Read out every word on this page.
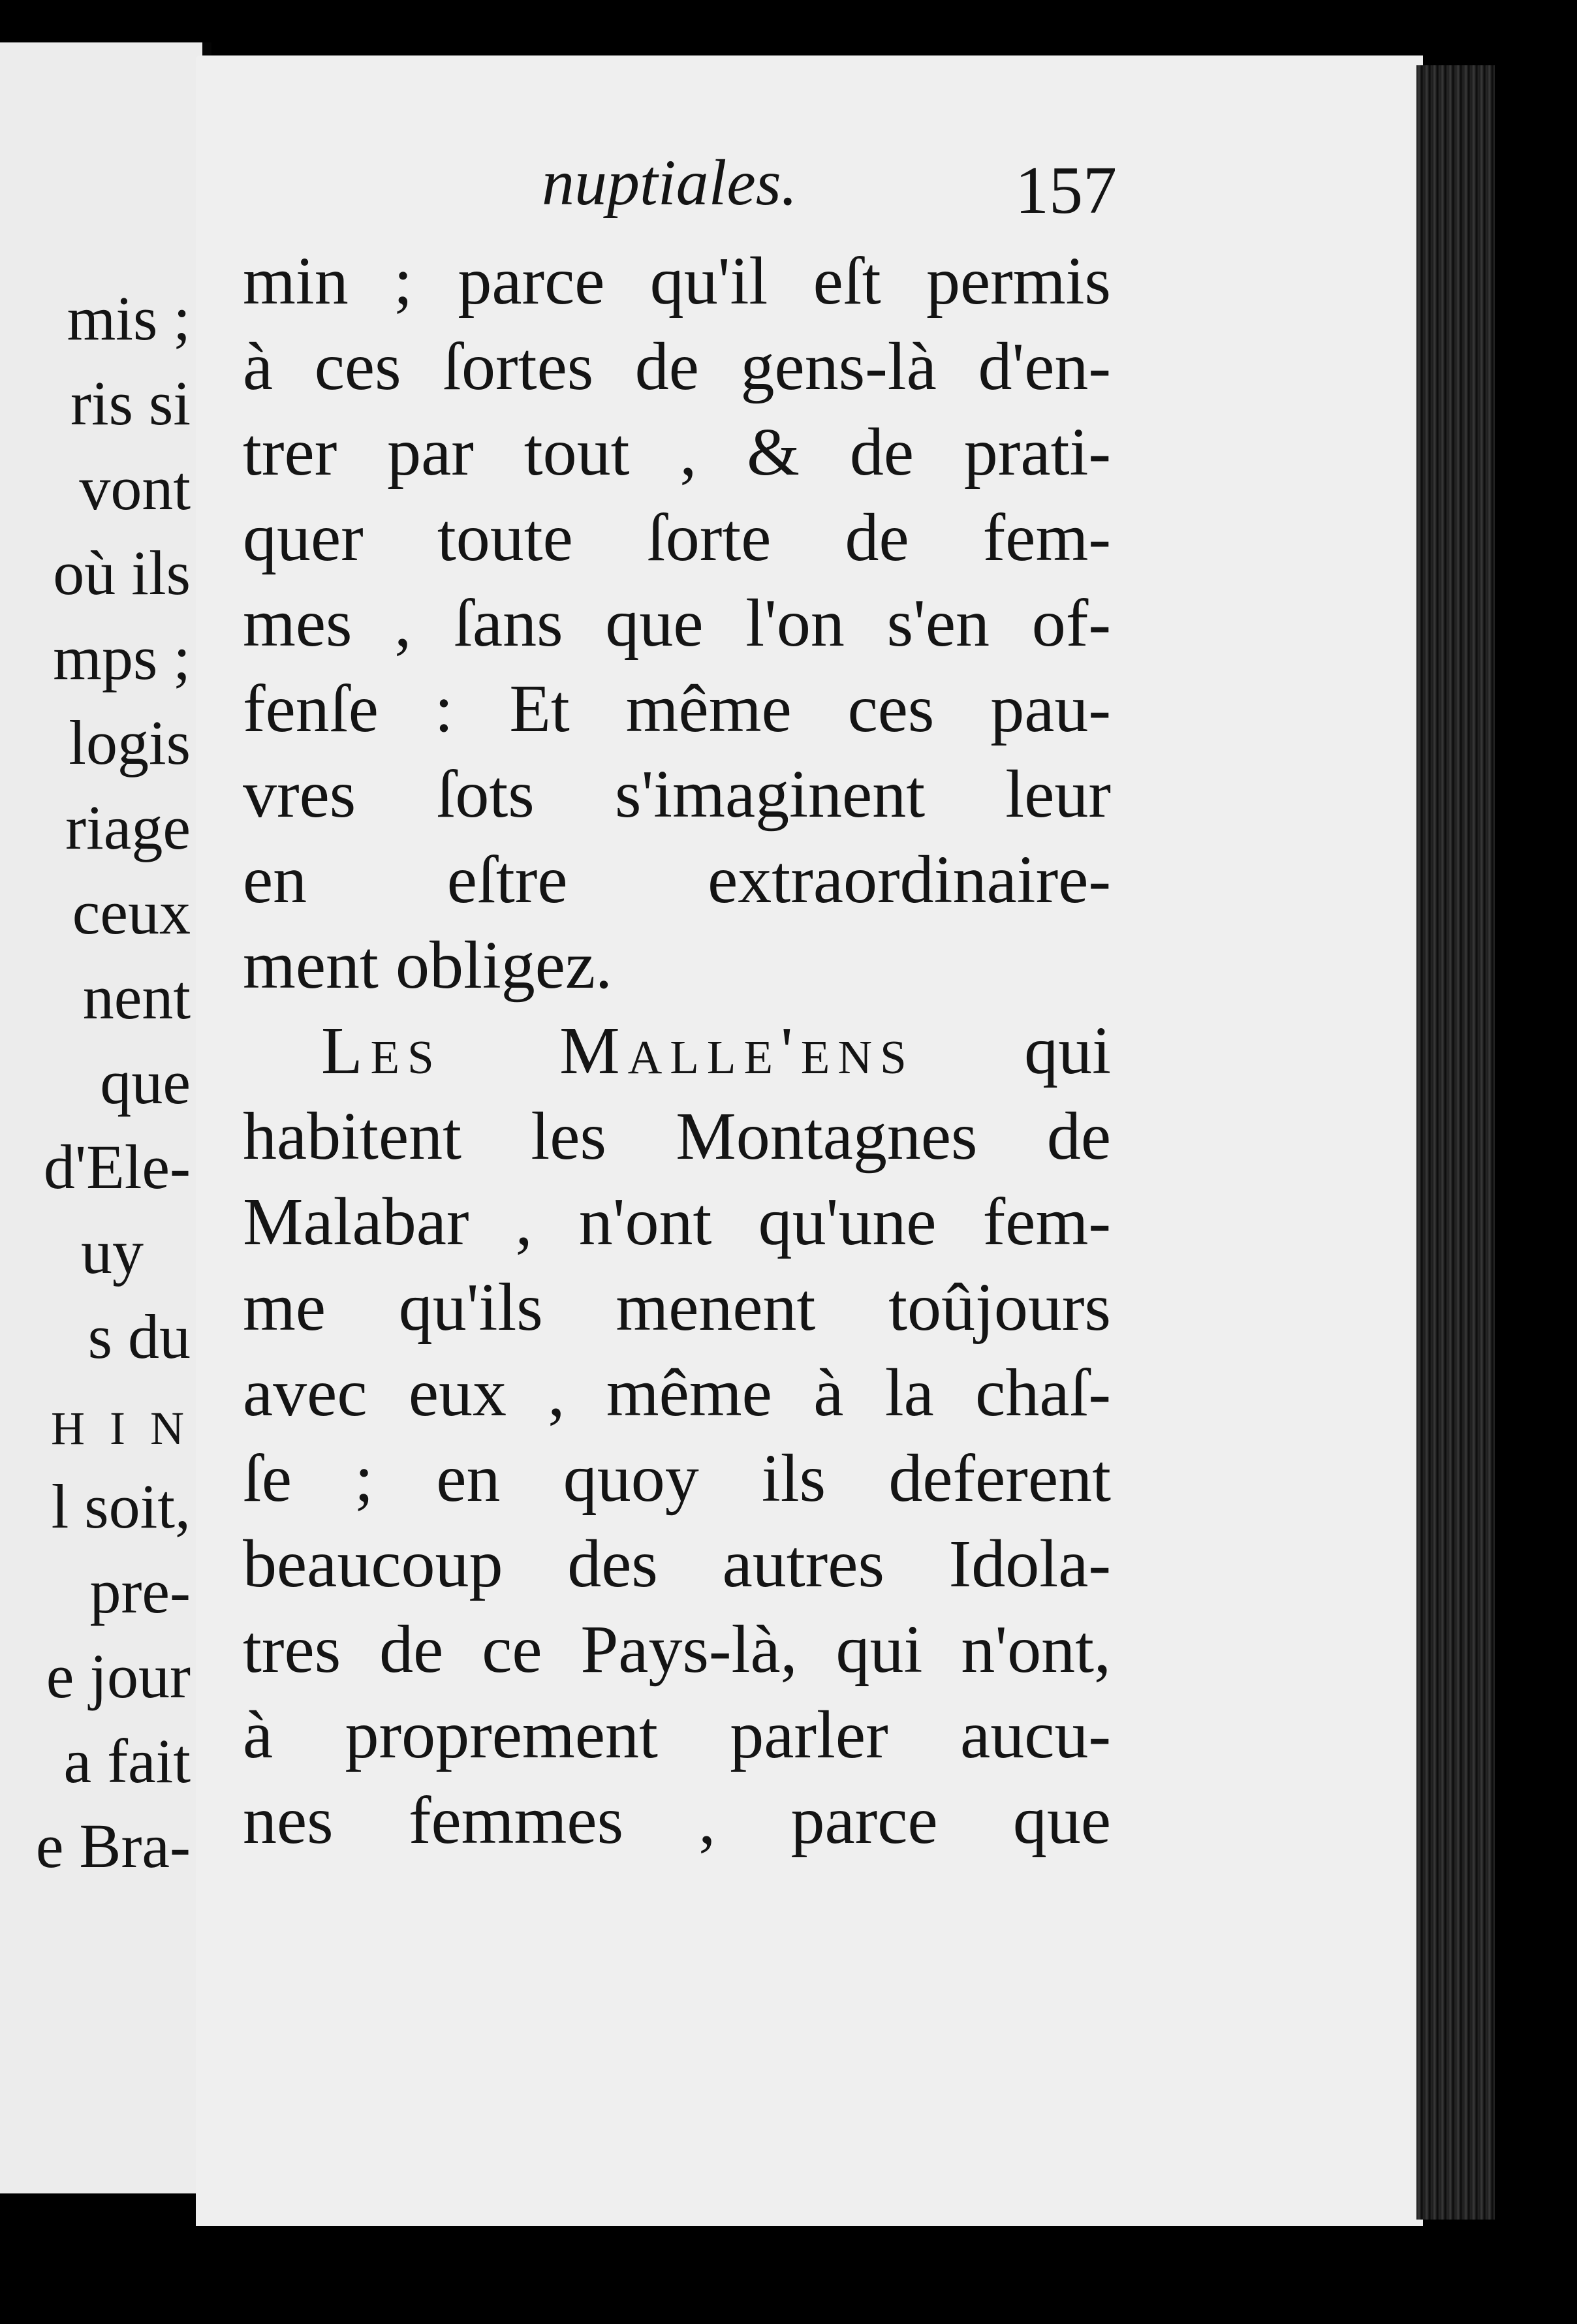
mis ;
ris si
vont
où ils
mps ;
logis
riage
ceux
nent
que
d'Ele-
uy
s du
H I N
l soit,
pre-
e jour
a fait
e Bra-
nuptiales.	157
min ; parce qu'il eſt permis
à ces ſortes de gens-là d'en-
trer par tout , & de prati-
quer toute ſorte de fem-
mes , ſans que l'on s'en of-
fenſe : Et même ces pau-
vres ſots s'imaginent leur
en eſtre extraordinaire-
ment obligez.
Les Malle'ens qui
habitent les Montagnes de
Malabar , n'ont qu'une fem-
me qu'ils menent toûjours
avec eux , même à la chaſ-
ſe ; en quoy ils deferent
beaucoup des autres Idola-
tres de ce Pays-là, qui n'ont,
à proprement parler aucu-
nes femmes , parce que
